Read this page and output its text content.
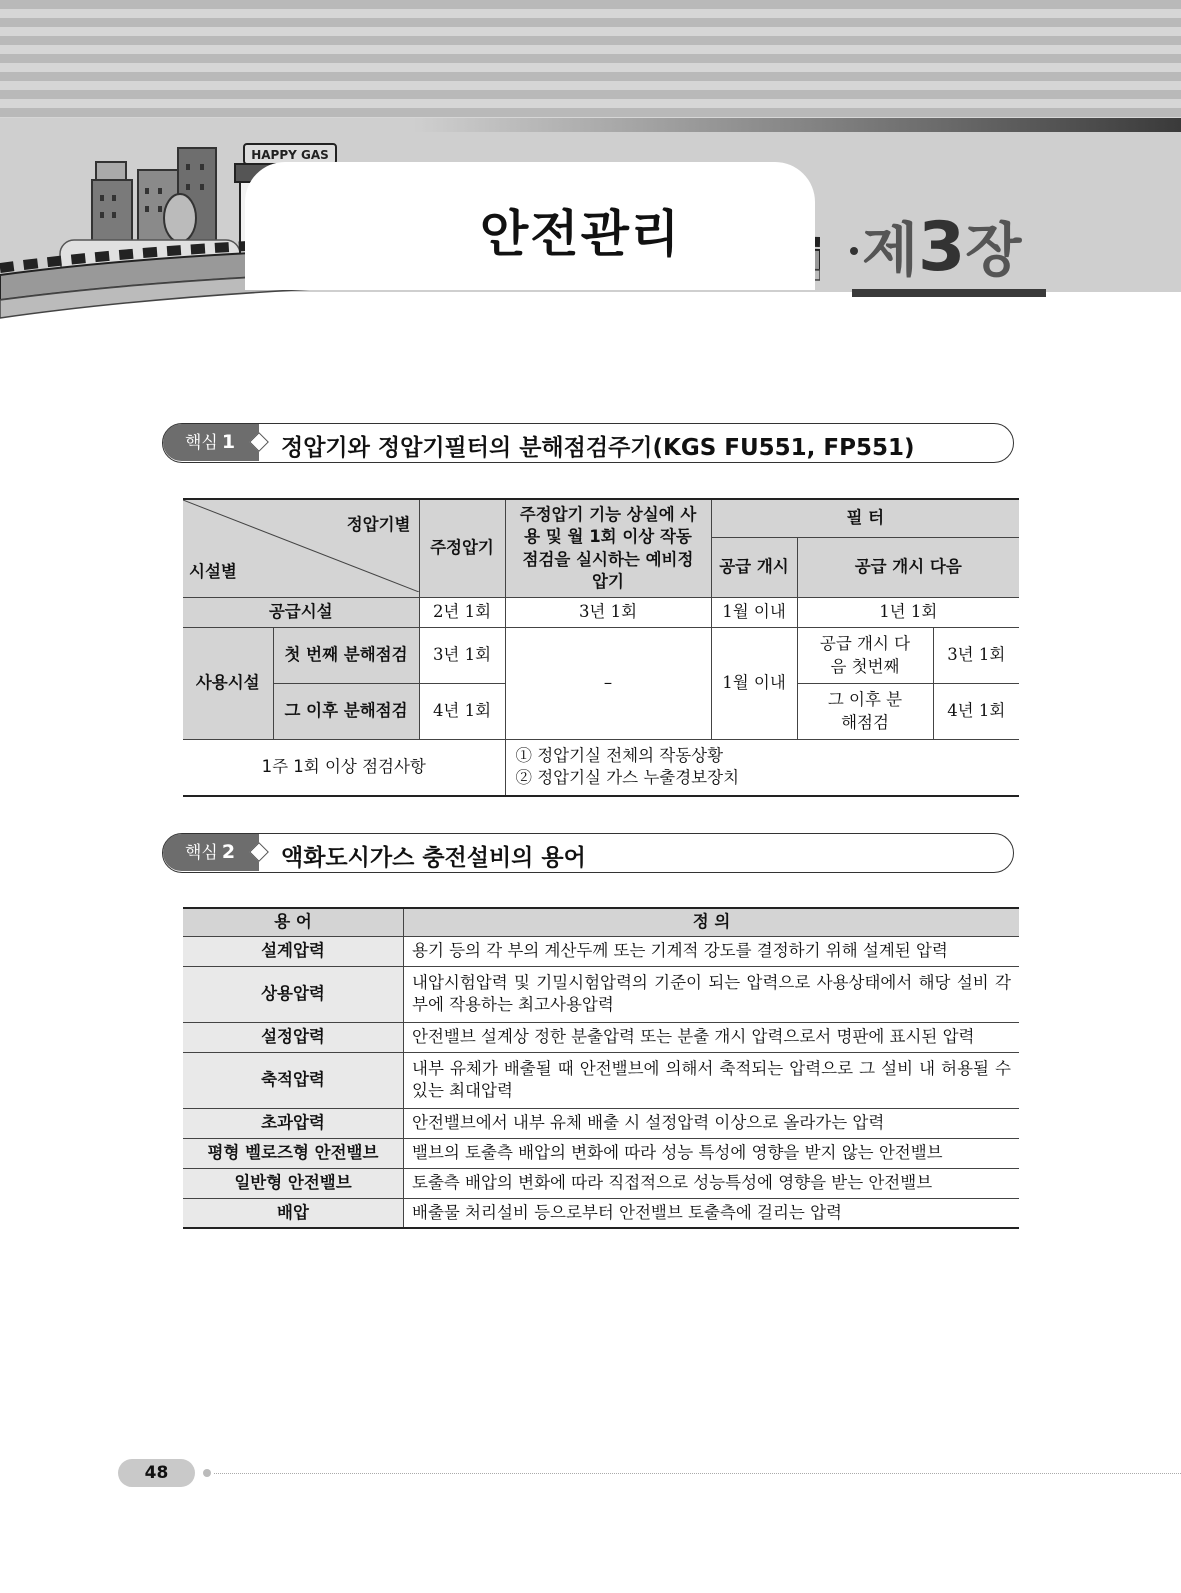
HAPPY GAS
안전관리	제3장
핵심 1	정압기와 정압기필터의 분해점검주기(KGS FU551, FP551)
정압기별
시설별		주정압기	주정압기 기능 상실에 사용 및 월 1회 이상 작동점검을 실시하는 예비정압기	필 터		
				공급 개시	공급 개시 다음	
공급시설		2년 1회	3년 1회	1월 이내	1년 1회	
사용시설	첫 번째 분해점검	3년 1회	–	1월 이내	공급 개시 다음 첫번째	3년 1회
	그 이후 분해점검	4년 1회			그 이후 분해점검	4년 1회
1주 1회 이상 점검사항			① 정압기실 전체의 작동상황
② 정압기실 가스 누출경보장치			
핵심 2	액화도시가스 충전설비의 용어
용 어	정 의
설계압력	용기 등의 각 부의 계산두께 또는 기계적 강도를 결정하기 위해 설계된 압력
상용압력	내압시험압력 및 기밀시험압력의 기준이 되는 압력으로 사용상태에서 해당 설비 각 부에 작용하는 최고사용압력
설정압력	안전밸브 설계상 정한 분출압력 또는 분출 개시 압력으로서 명판에 표시된 압력
축적압력	내부 유체가 배출될 때 안전밸브에 의해서 축적되는 압력으로 그 설비 내 허용될 수 있는 최대압력
초과압력	안전밸브에서 내부 유체 배출 시 설정압력 이상으로 올라가는 압력
평형 벨로즈형 안전밸브	밸브의 토출측 배압의 변화에 따라 성능 특성에 영향을 받지 않는 안전밸브
일반형 안전밸브	토출측 배압의 변화에 따라 직접적으로 성능특성에 영향을 받는 안전밸브
배압	배출물 처리설비 등으로부터 안전밸브 토출측에 걸리는 압력
48
